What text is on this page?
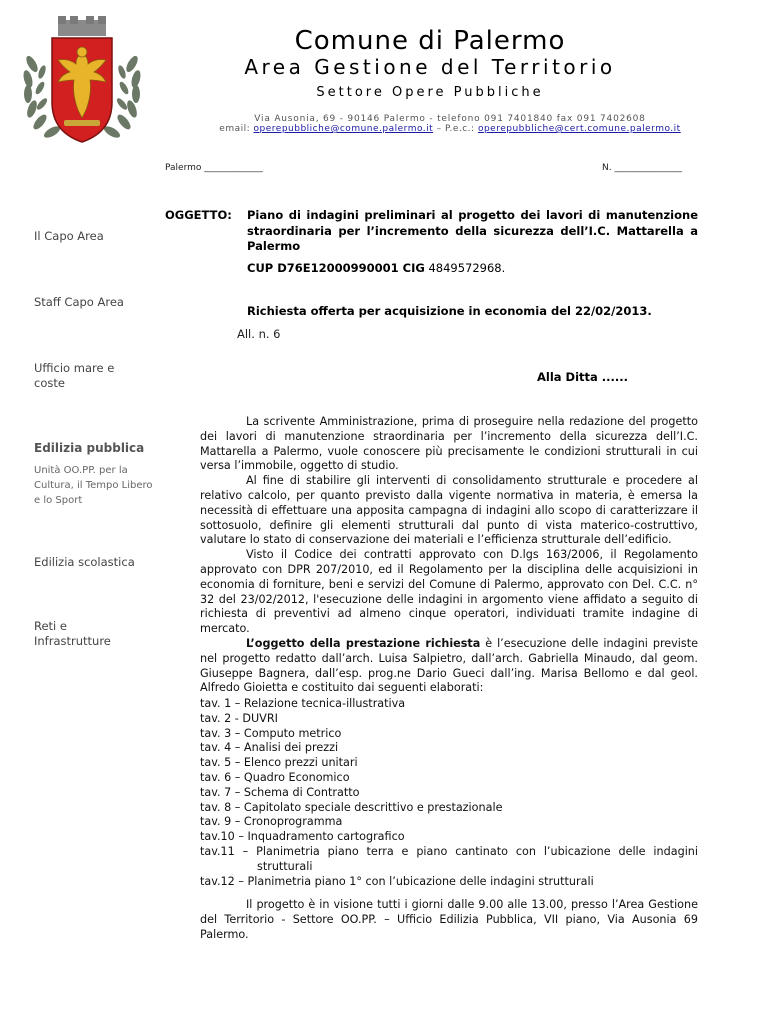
Comune di Palermo
Area Gestione del Territorio
Settore Opere Pubbliche
Via Ausonia, 69 - 90146 Palermo - telefono 091 7401840 fax 091 7402608
email: operepubbliche@comune.palermo.it – P.e.c.: operepubbliche@cert.comune.palermo.it
Palermo _____________	N. _______________
Il Capo Area
Staff Capo Area
Ufficio mare e coste
Edilizia pubblica
Unità OO.PP. per la Cultura, il Tempo Libero e lo Sport
Edilizia scolastica
Reti e Infrastrutture
OGGETTO: Piano di indagini preliminari al progetto dei lavori di manutenzione straordinaria per l’incremento della sicurezza dell’I.C. Mattarella a Palermo
CUP D76E12000990001 CIG 4849572968.
Richiesta offerta per acquisizione in economia del 22/02/2013.
All. n. 6
Alla Ditta ......

La scrivente Amministrazione, prima di proseguire nella redazione del progetto dei lavori di manutenzione straordinaria per l’incremento della sicurezza dell’I.C. Mattarella a Palermo, vuole conoscere più precisamente le condizioni strutturali in cui versa l’immobile, oggetto di studio.

Al fine di stabilire gli interventi di consolidamento strutturale e procedere al relativo calcolo, per quanto previsto dalla vigente normativa in materia, è emersa la necessità di effettuare una apposita campagna di indagini allo scopo di caratterizzare il sottosuolo, definire gli elementi strutturali dal punto di vista materico-costruttivo, valutare lo stato di conservazione dei materiali e l’efficienza strutturale dell’edificio.

Visto il Codice dei contratti approvato con D.lgs 163/2006, il Regolamento approvato con DPR 207/2010, ed il Regolamento per la disciplina delle acquisizioni in economia di forniture, beni e servizi del Comune di Palermo, approvato con Del. C.C. n° 32 del 23/02/2012, l'esecuzione delle indagini in argomento viene affidato a seguito di richiesta di preventivi ad almeno cinque operatori, individuati tramite indagine di mercato.

L’oggetto della prestazione richiesta è l’esecuzione delle indagini previste nel progetto redatto dall’arch. Luisa Salpietro, dall’arch. Gabriella Minaudo, dal geom. Giuseppe Bagnera, dall’esp. prog.ne Dario Gueci dall’ing. Marisa Bellomo e dal geol. Alfredo Gioietta e costituito dai seguenti elaborati:

tav. 1 – Relazione tecnica-illustrativa
tav. 2 - DUVRI
tav. 3 – Computo metrico
tav. 4 – Analisi dei prezzi
tav. 5 – Elenco prezzi unitari
tav. 6 – Quadro Economico
tav. 7 – Schema di Contratto
tav. 8 – Capitolato speciale descrittivo e prestazionale
tav. 9 – Cronoprogramma
tav.10 – Inquadramento cartografico
tav.11 – Planimetria piano terra e piano cantinato con l’ubicazione delle indagini strutturali
tav.12 – Planimetria piano 1° con l’ubicazione delle indagini strutturali

Il progetto è in visione tutti i giorni dalle 9.00 alle 13.00, presso l’Area Gestione del Territorio - Settore OO.PP. – Ufficio Edilizia Pubblica, VII piano, Via Ausonia 69 Palermo.
